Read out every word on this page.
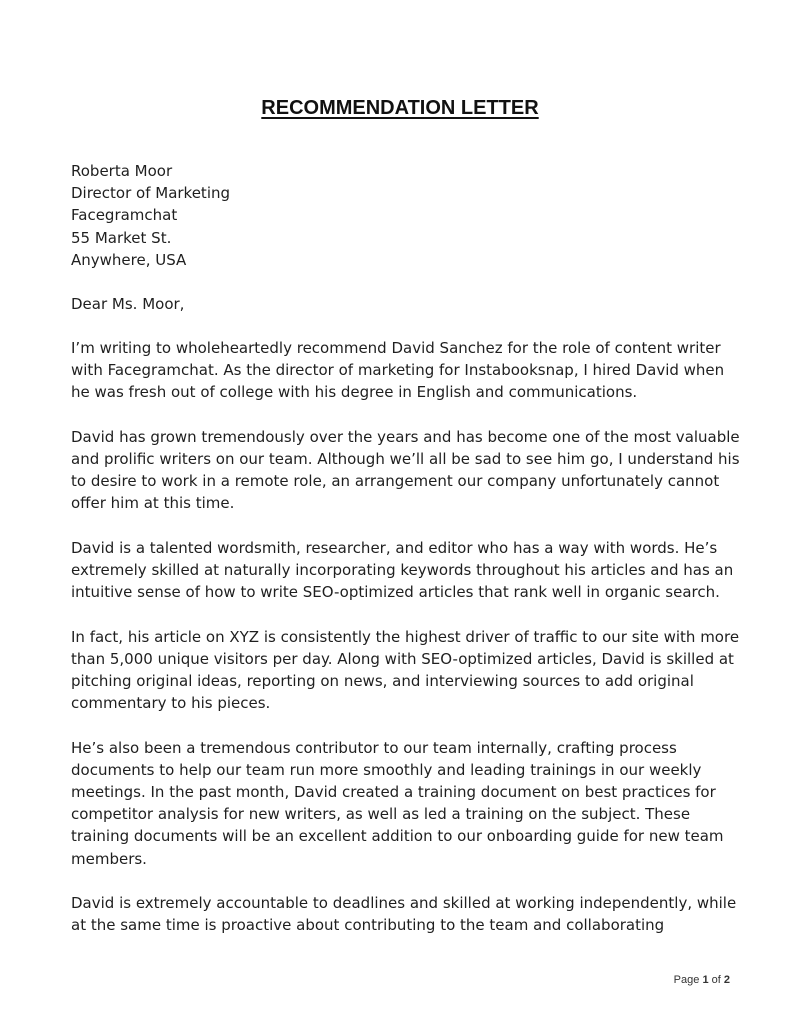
RECOMMENDATION LETTER
Roberta Moor
Director of Marketing
Facegramchat
55 Market St.
Anywhere, USA
Dear Ms. Moor,

I’m writing to wholeheartedly recommend David Sanchez for the role of content writer with Facegramchat. As the director of marketing for Instabooksnap, I hired David when he was fresh out of college with his degree in English and communications.

David has grown tremendously over the years and has become one of the most valuable and prolific writers on our team. Although we’ll all be sad to see him go, I understand his to desire to work in a remote role, an arrangement our company unfortunately cannot offer him at this time.

David is a talented wordsmith, researcher, and editor who has a way with words. He’s extremely skilled at naturally incorporating keywords throughout his articles and has an intuitive sense of how to write SEO-optimized articles that rank well in organic search.

In fact, his article on XYZ is consistently the highest driver of traffic to our site with more than 5,000 unique visitors per day. Along with SEO-optimized articles, David is skilled at pitching original ideas, reporting on news, and interviewing sources to add original commentary to his pieces.

He’s also been a tremendous contributor to our team internally, crafting process documents to help our team run more smoothly and leading trainings in our weekly meetings. In the past month, David created a training document on best practices for competitor analysis for new writers, as well as led a training on the subject. These training documents will be an excellent addition to our onboarding guide for new team members.

David is extremely accountable to deadlines and skilled at working independently, while at the same time is proactive about contributing to the team and collaborating

Page 1 of 2
